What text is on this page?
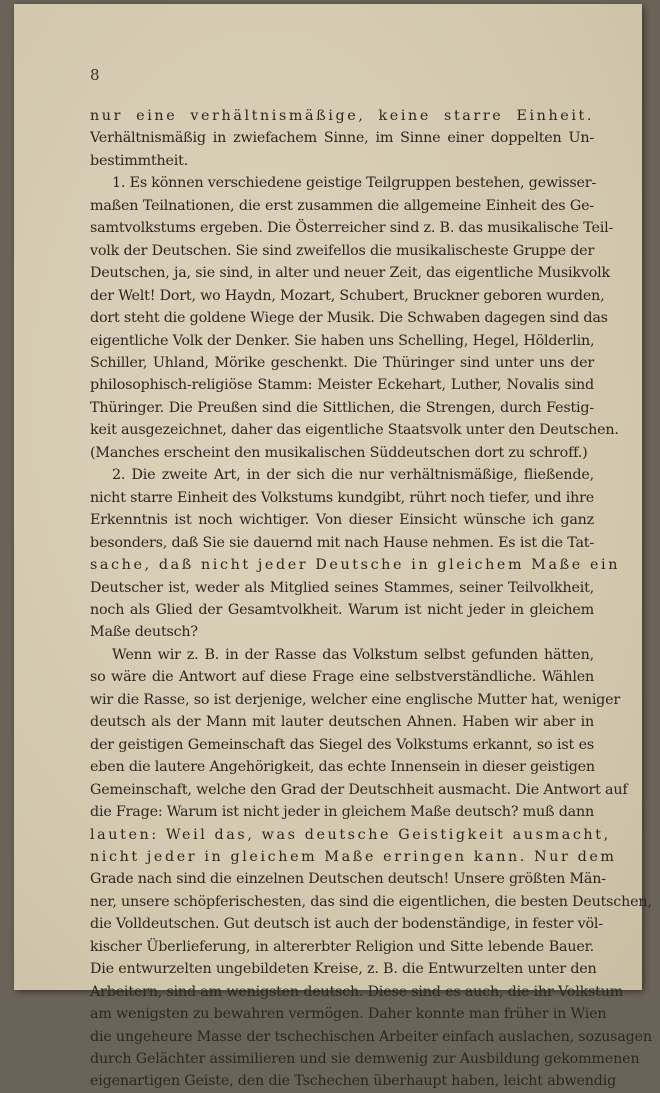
8
nur eine verhältnismäßige, keine starre Einheit.
Verhältnismäßig in zwiefachem Sinne, im Sinne einer doppelten Un-
bestimmtheit.
1. Es können verschiedene geistige Teilgruppen bestehen, gewisser-
maßen Teilnationen, die erst zusammen die allgemeine Einheit des Ge-
samtvolkstums ergeben. Die Österreicher sind z. B. das musikalische Teil-
volk der Deutschen. Sie sind zweifellos die musikalischeste Gruppe der
Deutschen, ja, sie sind, in alter und neuer Zeit, das eigentliche Musikvolk
der Welt! Dort, wo Haydn, Mozart, Schubert, Bruckner geboren wurden,
dort steht die goldene Wiege der Musik. Die Schwaben dagegen sind das
eigentliche Volk der Denker. Sie haben uns Schelling, Hegel, Hölderlin,
Schiller, Uhland, Mörike geschenkt. Die Thüringer sind unter uns der
philosophisch-religiöse Stamm: Meister Eckehart, Luther, Novalis sind
Thüringer. Die Preußen sind die Sittlichen, die Strengen, durch Festig-
keit ausgezeichnet, daher das eigentliche Staatsvolk unter den Deutschen.
(Manches erscheint den musikalischen Süddeutschen dort zu schroff.)
2. Die zweite Art, in der sich die nur verhältnismäßige, fließende,
nicht starre Einheit des Volkstums kundgibt, rührt noch tiefer, und ihre
Erkenntnis ist noch wichtiger. Von dieser Einsicht wünsche ich ganz
besonders, daß Sie sie dauernd mit nach Hause nehmen. Es ist die Tat-
sache, daß nicht jeder Deutsche in gleichem Maße ein
Deutscher ist, weder als Mitglied seines Stammes, seiner Teilvolkheit,
noch als Glied der Gesamtvolkheit. Warum ist nicht jeder in gleichem
Maße deutsch?
Wenn wir z. B. in der Rasse das Volkstum selbst gefunden hätten,
so wäre die Antwort auf diese Frage eine selbstverständliche. Wählen
wir die Rasse, so ist derjenige, welcher eine englische Mutter hat, weniger
deutsch als der Mann mit lauter deutschen Ahnen. Haben wir aber in
der geistigen Gemeinschaft das Siegel des Volkstums erkannt, so ist es
eben die lautere Angehörigkeit, das echte Innensein in dieser geistigen
Gemeinschaft, welche den Grad der Deutschheit ausmacht. Die Antwort auf
die Frage: Warum ist nicht jeder in gleichem Maße deutsch? muß dann
lauten: Weil das, was deutsche Geistigkeit ausmacht,
nicht jeder in gleichem Maße erringen kann. Nur dem
Grade nach sind die einzelnen Deutschen deutsch! Unsere größten Män-
ner, unsere schöpferischesten, das sind die eigentlichen, die besten Deutschen,
die Volldeutschen. Gut deutsch ist auch der bodenständige, in fester völ-
kischer Überlieferung, in altererbter Religion und Sitte lebende Bauer.
Die entwurzelten ungebildeten Kreise, z. B. die Entwurzelten unter den
Arbeitern, sind am wenigsten deutsch. Diese sind es auch, die ihr Volkstum
am wenigsten zu bewahren vermögen. Daher konnte man früher in Wien
die ungeheure Masse der tschechischen Arbeiter einfach auslachen, sozusagen
durch Gelächter assimilieren und sie demwenig zur Ausbildung gekommenen
eigenartigen Geiste, den die Tschechen überhaupt haben, leicht abwendig
